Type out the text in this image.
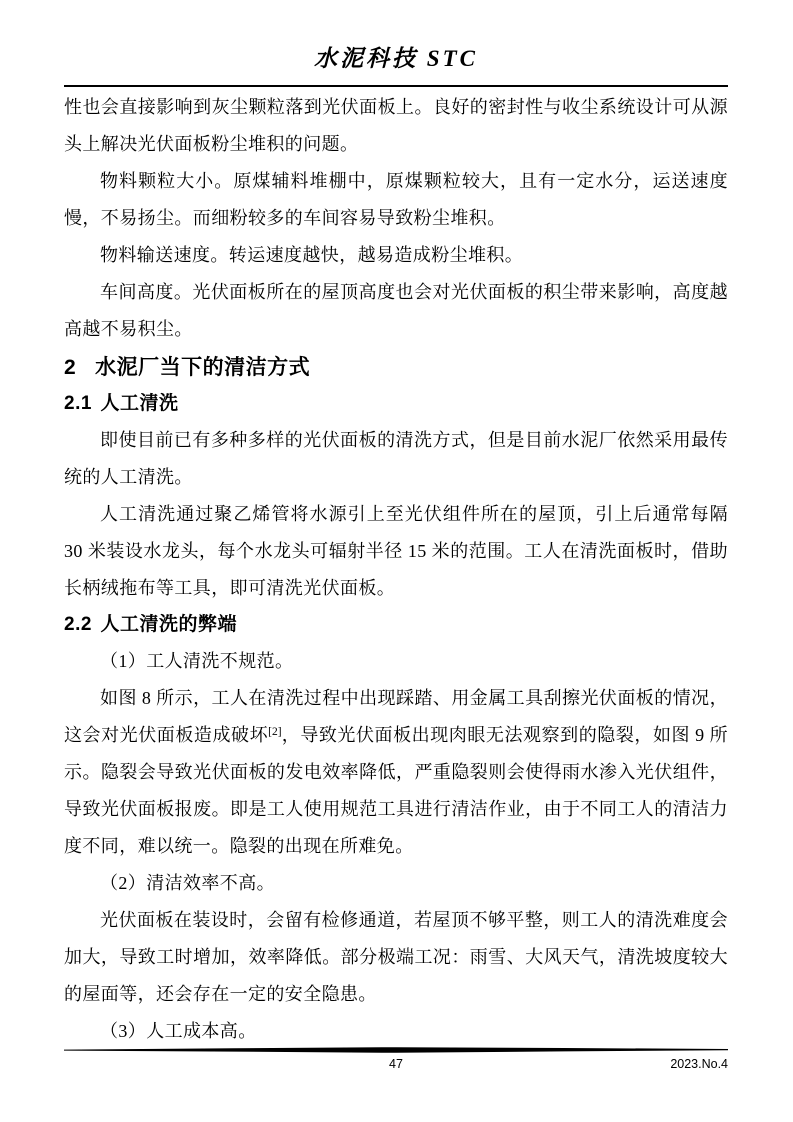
水泥科技 STC

性也会直接影响到灰尘颗粒落到光伏面板上。良好的密封性与收尘系统设计可从源头上解决光伏面板粉尘堆积的问题。

物料颗粒大小。原煤辅料堆棚中，原煤颗粒较大，且有一定水分，运送速度慢，不易扬尘。而细粉较多的车间容易导致粉尘堆积。

物料输送速度。转运速度越快，越易造成粉尘堆积。

车间高度。光伏面板所在的屋顶高度也会对光伏面板的积尘带来影响，高度越高越不易积尘。

2 水泥厂当下的清洁方式
2.1 人工清洗

即使目前已有多种多样的光伏面板的清洗方式，但是目前水泥厂依然采用最传统的人工清洗。

人工清洗通过聚乙烯管将水源引上至光伏组件所在的屋顶，引上后通常每隔 30 米装设水龙头，每个水龙头可辐射半径 15 米的范围。工人在清洗面板时，借助长柄绒拖布等工具，即可清洗光伏面板。

2.2 人工清洗的弊端

（1）工人清洗不规范。

如图 8 所示，工人在清洗过程中出现踩踏、用金属工具刮擦光伏面板的情况，这会对光伏面板造成破坏[2]，导致光伏面板出现肉眼无法观察到的隐裂，如图 9 所示。隐裂会导致光伏面板的发电效率降低，严重隐裂则会使得雨水渗入光伏组件，导致光伏面板报废。即是工人使用规范工具进行清洁作业，由于不同工人的清洁力度不同，难以统一。隐裂的出现在所难免。

（2）清洁效率不高。

光伏面板在装设时，会留有检修通道，若屋顶不够平整，则工人的清洗难度会加大，导致工时增加，效率降低。部分极端工况：雨雪、大风天气，清洗坡度较大的屋面等，还会存在一定的安全隐患。

（3）人工成本高。

47	2023.No.4
